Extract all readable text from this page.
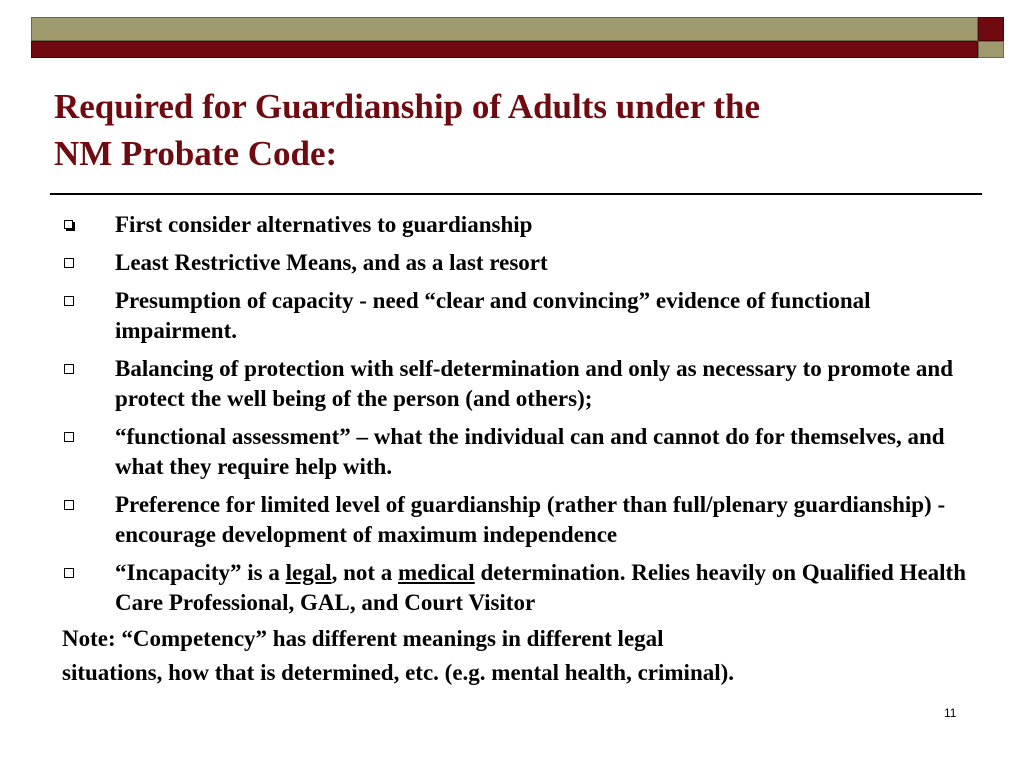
Required for Guardianship of Adults under the
NM Probate Code:
First consider alternatives to guardianship
Least Restrictive Means, and as a last resort
Presumption of capacity - need “clear and convincing” evidence of functional impairment.
Balancing of protection with self-determination and only as necessary to promote and protect the well being of the person (and others);
“functional assessment” – what the individual can and cannot do for themselves, and what they require help with.
Preference for limited level of guardianship (rather than full/plenary guardianship) - encourage development of maximum independence
“Incapacity” is a legal, not a medical determination. Relies heavily on Qualified Health Care Professional, GAL, and Court Visitor

Note: “Competency” has different meanings in different legal
situations, how that is determined, etc. (e.g. mental health, criminal).

11
